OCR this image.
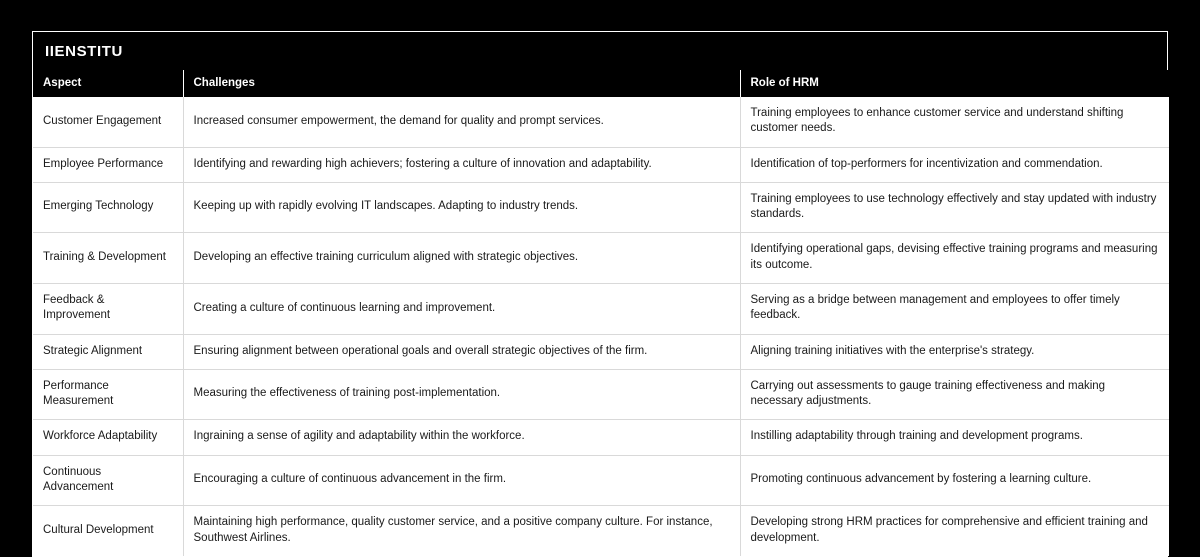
IIENSTITU
Aspect	Challenges	Role of HRM
Customer Engagement	Increased consumer empowerment, the demand for quality and prompt services.	Training employees to enhance customer service and understand shifting customer needs.
Employee Performance	Identifying and rewarding high achievers; fostering a culture of innovation and adaptability.	Identification of top-performers for incentivization and commendation.
Emerging Technology	Keeping up with rapidly evolving IT landscapes. Adapting to industry trends.	Training employees to use technology effectively and stay updated with industry standards.
Training & Development	Developing an effective training curriculum aligned with strategic objectives.	Identifying operational gaps, devising effective training programs and measuring its outcome.
Feedback & Improvement	Creating a culture of continuous learning and improvement.	Serving as a bridge between management and employees to offer timely feedback.
Strategic Alignment	Ensuring alignment between operational goals and overall strategic objectives of the firm.	Aligning training initiatives with the enterprise's strategy.
Performance Measurement	Measuring the effectiveness of training post-implementation.	Carrying out assessments to gauge training effectiveness and making necessary adjustments.
Workforce Adaptability	Ingraining a sense of agility and adaptability within the workforce.	Instilling adaptability through training and development programs.
Continuous Advancement	Encouraging a culture of continuous advancement in the firm.	Promoting continuous advancement by fostering a learning culture.
Cultural Development	Maintaining high performance, quality customer service, and a positive company culture. For instance, Southwest Airlines.	Developing strong HRM practices for comprehensive and efficient training and development.
